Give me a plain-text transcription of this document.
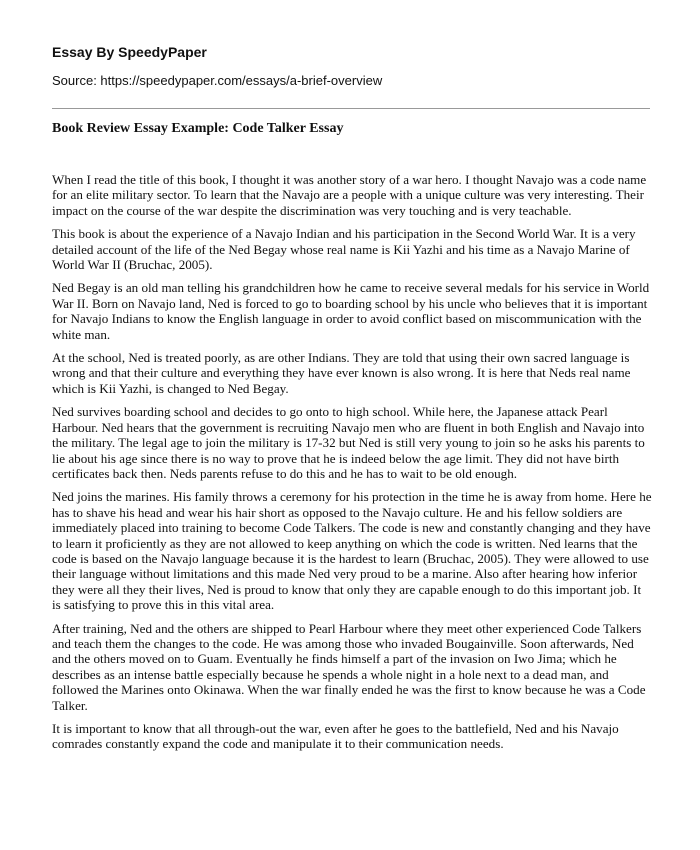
Essay By SpeedyPaper
Source: https://speedypaper.com/essays/a-brief-overview
Book Review Essay Example: Code Talker Essay

When I read the title of this book, I thought it was another story of a war hero. I thought Navajo was a code name for an elite military sector. To learn that the Navajo are a people with a unique culture was very interesting. Their impact on the course of the war despite the discrimination was very touching and is very teachable.

This book is about the experience of a Navajo Indian and his participation in the Second World War. It is a very detailed account of the life of the Ned Begay whose real name is Kii Yazhi and his time as a Navajo Marine of World War II (Bruchac, 2005).

Ned Begay is an old man telling his grandchildren how he came to receive several medals for his service in World War II. Born on Navajo land, Ned is forced to go to boarding school by his uncle who believes that it is important for Navajo Indians to know the English language in order to avoid conflict based on miscommunication with the white man.

At the school, Ned is treated poorly, as are other Indians. They are told that using their own sacred language is wrong and that their culture and everything they have ever known is also wrong. It is here that Neds real name which is Kii Yazhi, is changed to Ned Begay.

Ned survives boarding school and decides to go onto to high school. While here, the Japanese attack Pearl Harbour. Ned hears that the government is recruiting Navajo men who are fluent in both English and Navajo into the military. The legal age to join the military is 17-32 but Ned is still very young to join so he asks his parents to lie about his age since there is no way to prove that he is indeed below the age limit. They did not have birth certificates back then. Neds parents refuse to do this and he has to wait to be old enough.

Ned joins the marines. His family throws a ceremony for his protection in the time he is away from home. Here he has to shave his head and wear his hair short as opposed to the Navajo culture. He and his fellow soldiers are immediately placed into training to become Code Talkers. The code is new and constantly changing and they have to learn it proficiently as they are not allowed to keep anything on which the code is written. Ned learns that the code is based on the Navajo language because it is the hardest to learn (Bruchac, 2005). They were allowed to use their language without limitations and this made Ned very proud to be a marine. Also after hearing how inferior they were all they their lives, Ned is proud to know that only they are capable enough to do this important job. It is satisfying to prove this in this vital area.

After training, Ned and the others are shipped to Pearl Harbour where they meet other experienced Code Talkers and teach them the changes to the code. He was among those who invaded Bougainville. Soon afterwards, Ned and the others moved on to Guam. Eventually he finds himself a part of the invasion on Iwo Jima; which he describes as an intense battle especially because he spends a whole night in a hole next to a dead man, and followed the Marines onto Okinawa. When the war finally ended he was the first to know because he was a Code Talker.

It is important to know that all through-out the war, even after he goes to the battlefield, Ned and his Navajo comrades constantly expand the code and manipulate it to their communication needs.
